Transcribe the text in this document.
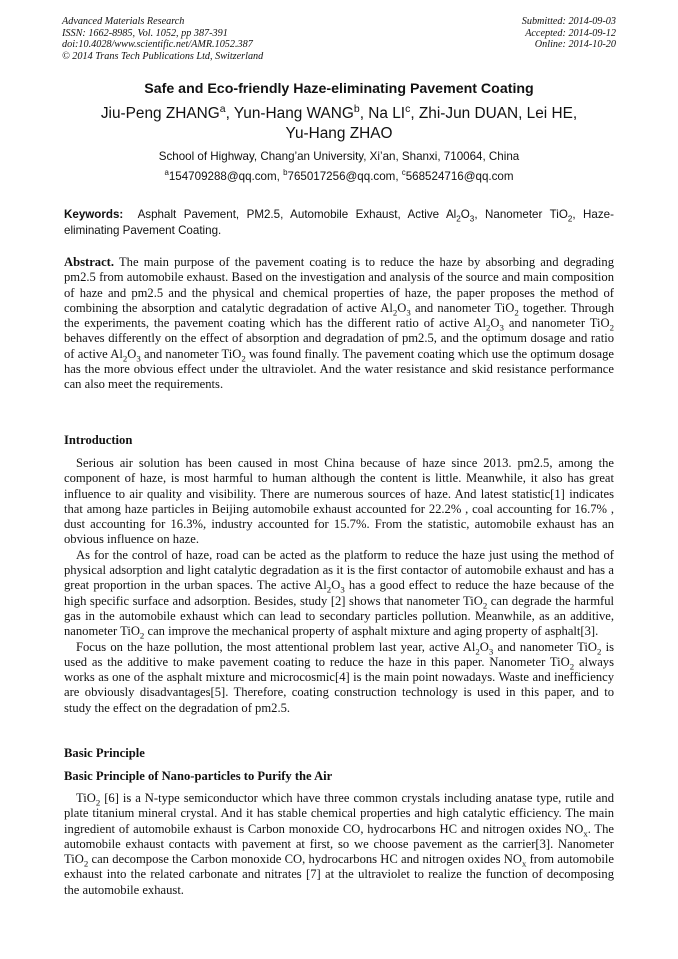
Advanced Materials Research
ISSN: 1662-8985, Vol. 1052, pp 387-391
doi:10.4028/www.scientific.net/AMR.1052.387
© 2014 Trans Tech Publications Ltd, Switzerland
Submitted: 2014-09-03
Accepted: 2014-09-12
Online: 2014-10-20
Safe and Eco-friendly Haze-eliminating Pavement Coating
Jiu-Peng ZHANG$^a$, Yun-Hang WANG$^b$, Na $LI^c$, Zhi-Jun DUAN, Lei HE,
Yu-Hang ZHAO
School of Highway, Chang’an University, Xi’an, Shanxi, 710064, China
$^a$154709288@qq.com, $^b$765017256@qq.com, $^c$568524716@qq.com
Keywords: Asphalt Pavement, PM2.5, Automobile Exhaust, Active $Al_2O_3$, Nanometer TiO$_2$, Haze-eliminating Pavement Coating.
Abstract. The main purpose of the pavement coating is to reduce the haze by absorbing and degrading pm2.5 from automobile exhaust. Based on the investigation and analysis of the source and main composition of haze and pm2.5 and the physical and chemical properties of haze, the paper proposes the method of combining the absorption and catalytic degradation of active $Al_2O_3$ and nanometer TiO$_2$ together. Through the experiments, the pavement coating which has the different ratio of active $Al_2O_3$ and nanometer TiO$_2$ behaves differently on the effect of absorption and degradation of pm2.5, and the optimum dosage and ratio of active $Al_2O_3$ and nanometer TiO$_2$ was found finally. The pavement coating which use the optimum dosage has the more obvious effect under the ultraviolet. And the water resistance and skid resistance performance can also meet the requirements.
Introduction

Serious air solution has been caused in most China because of haze since 2013. pm2.5, among the component of haze, is most harmful to human although the content is little. Meanwhile, it also has great influence to air quality and visibility. There are numerous sources of haze. And latest statistic[1] indicates that among haze particles in Beijing automobile exhaust accounted for 22.2% , coal accounting for 16.7% , dust accounting for 16.3%, industry accounted for 15.7%. From the statistic, automobile exhaust has an obvious influence on haze.

As for the control of haze, road can be acted as the platform to reduce the haze just using the method of physical adsorption and light catalytic degradation as it is the first contactor of automobile exhaust and has a great proportion in the urban spaces. The active $Al_2O_3$ has a good effect to reduce the haze because of the high specific surface and adsorption. Besides, study [2] shows that nanometer TiO$_2$ can degrade the harmful gas in the automobile exhaust which can lead to secondary particles pollution. Meanwhile, as an additive, nanometer TiO$_2$ can improve the mechanical property of asphalt mixture and aging property of asphalt[3].

Focus on the haze pollution, the most attentional problem last year, active $Al_2O_3$ and nanometer TiO$_2$ is used as the additive to make pavement coating to reduce the haze in this paper. Nanometer TiO$_2$ always works as one of the asphalt mixture and microcosmic[4] is the main point nowadays. Waste and inefficiency are obviously disadvantages[5]. Therefore, coating construction technology is used in this paper, and to study the effect on the degradation of pm2.5.

Basic Principle
Basic Principle of Nano-particles to Purify the Air

TiO$_2$ [6] is a N-type semiconductor which have three common crystals including anatase type, rutile and plate titanium mineral crystal. And it has stable chemical properties and high catalytic efficiency. The main ingredient of automobile exhaust is Carbon monoxide CO, hydrocarbons HC and nitrogen oxides $NO_x$. The automobile exhaust contacts with pavement at first, so we choose pavement as the carrier[3]. Nanometer TiO$_2$ can decompose the Carbon monoxide CO, hydrocarbons HC and nitrogen oxides $NO_x$ from automobile exhaust into the related carbonate and nitrates [7] at the ultraviolet to realize the function of decomposing the automobile exhaust.
